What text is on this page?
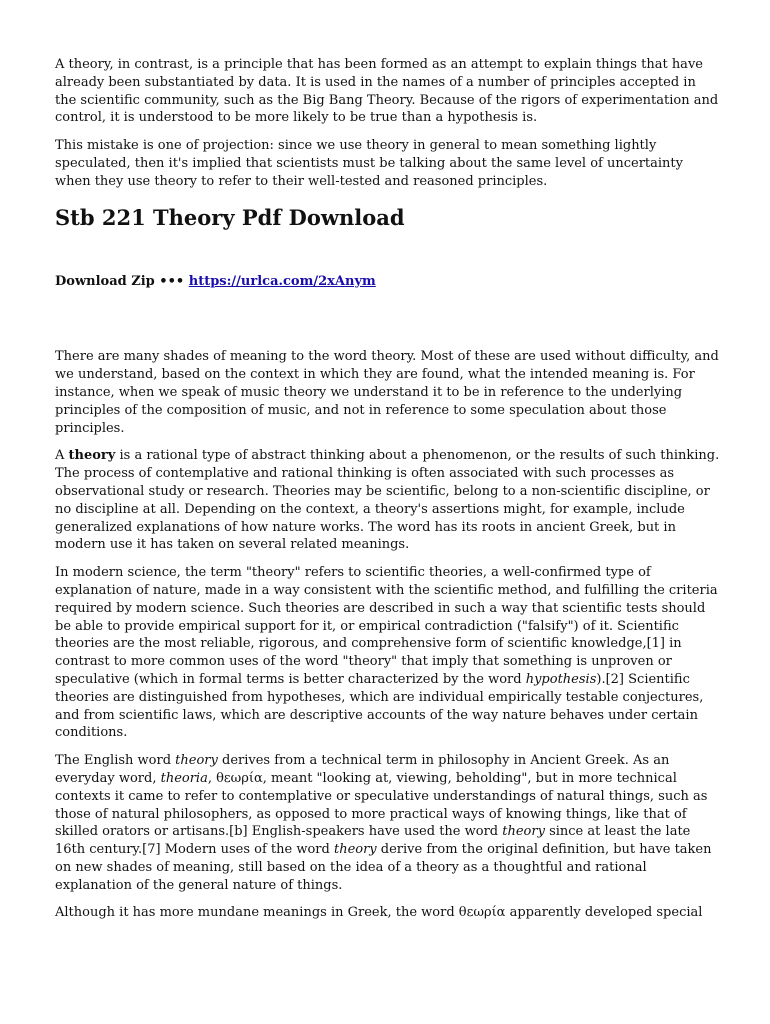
A theory, in contrast, is a principle that has been formed as an attempt to explain things that have already been substantiated by data. It is used in the names of a number of principles accepted in the scientific community, such as the Big Bang Theory. Because of the rigors of experimentation and control, it is understood to be more likely to be true than a hypothesis is.

This mistake is one of projection: since we use theory in general to mean something lightly speculated, then it's implied that scientists must be talking about the same level of uncertainty when they use theory to refer to their well-tested and reasoned principles.

Stb 221 Theory Pdf Download
Download Zip ••• https://urlca.com/2xAnym

There are many shades of meaning to the word theory. Most of these are used without difficulty, and we understand, based on the context in which they are found, what the intended meaning is. For instance, when we speak of music theory we understand it to be in reference to the underlying principles of the composition of music, and not in reference to some speculation about those principles.

A theory is a rational type of abstract thinking about a phenomenon, or the results of such thinking. The process of contemplative and rational thinking is often associated with such processes as observational study or research. Theories may be scientific, belong to a non-scientific discipline, or no discipline at all. Depending on the context, a theory's assertions might, for example, include generalized explanations of how nature works. The word has its roots in ancient Greek, but in modern use it has taken on several related meanings.

In modern science, the term "theory" refers to scientific theories, a well-confirmed type of explanation of nature, made in a way consistent with the scientific method, and fulfilling the criteria required by modern science. Such theories are described in such a way that scientific tests should be able to provide empirical support for it, or empirical contradiction ("falsify") of it. Scientific theories are the most reliable, rigorous, and comprehensive form of scientific knowledge,[1] in contrast to more common uses of the word "theory" that imply that something is unproven or speculative (which in formal terms is better characterized by the word hypothesis).[2] Scientific theories are distinguished from hypotheses, which are individual empirically testable conjectures, and from scientific laws, which are descriptive accounts of the way nature behaves under certain conditions.

The English word theory derives from a technical term in philosophy in Ancient Greek. As an everyday word, theoria, θεωρία, meant "looking at, viewing, beholding", but in more technical contexts it came to refer to contemplative or speculative understandings of natural things, such as those of natural philosophers, as opposed to more practical ways of knowing things, like that of skilled orators or artisans.[b] English-speakers have used the word theory since at least the late 16th century.[7] Modern uses of the word theory derive from the original definition, but have taken on new shades of meaning, still based on the idea of a theory as a thoughtful and rational explanation of the general nature of things.

Although it has more mundane meanings in Greek, the word θεωρία apparently developed special
